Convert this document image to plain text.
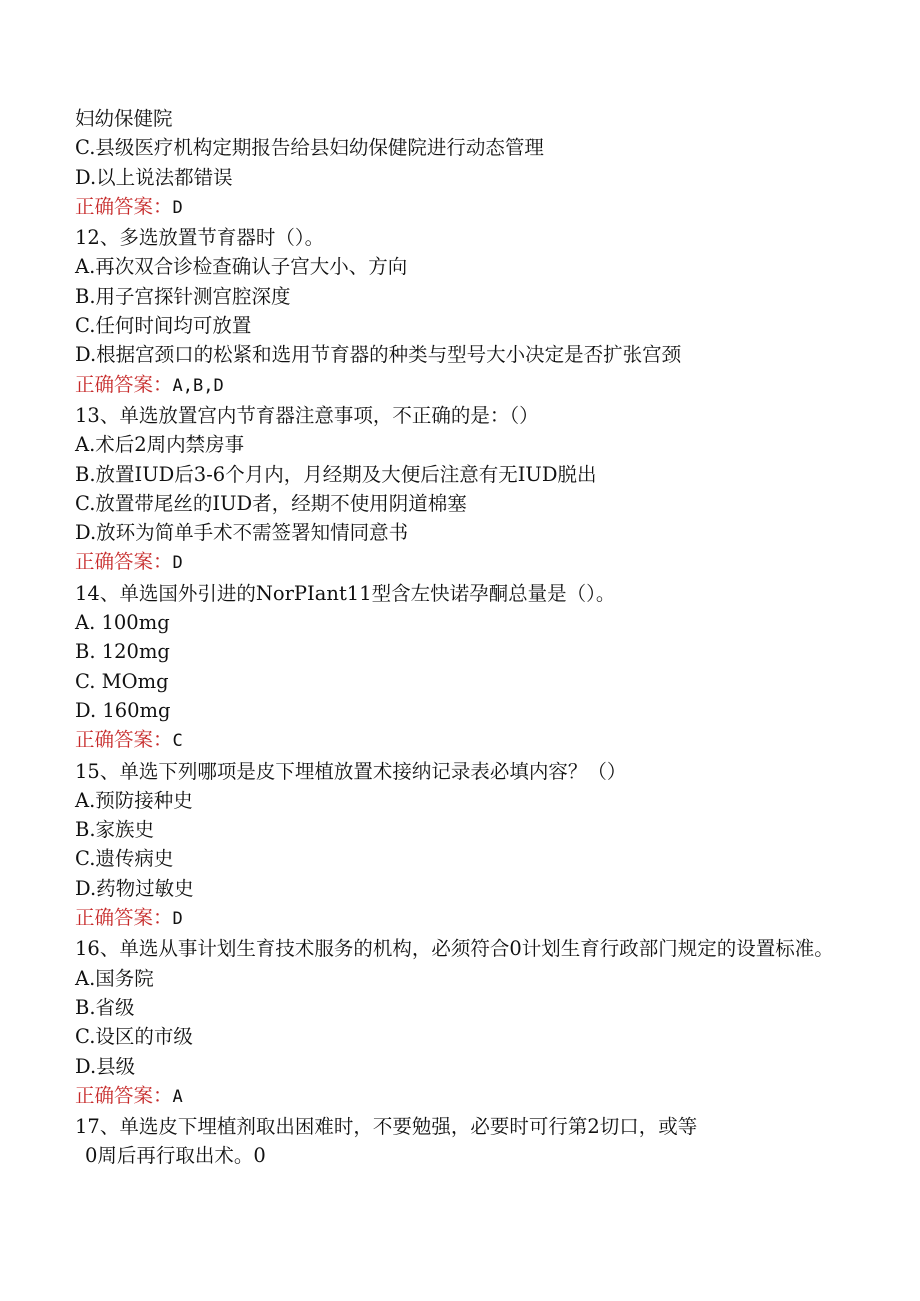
妇幼保健院
C.县级医疗机构定期报告给县妇幼保健院进行动态管理
D.以上说法都错误
正确答案：D
12、多选放置节育器时（）。
A.再次双合诊检查确认子宫大小、方向
B.用子宫探针测宫腔深度
C.任何时间均可放置
D.根据宫颈口的松紧和选用节育器的种类与型号大小决定是否扩张宫颈
正确答案：A,B,D
13、单选放置宫内节育器注意事项，不正确的是：（）
A.术后2周内禁房事
B.放置IUD后3-6个月内，月经期及大便后注意有无IUD脱出
C.放置带尾丝的IUD者，经期不使用阴道棉塞
D.放环为简单手术不需签署知情同意书
正确答案：D
14、单选国外引进的NorPIant11型含左快诺孕酮总量是（）。
A. 100mg
B. 120mg
C. MOmg
D. 160mg
正确答案：C
15、单选下列哪项是皮下埋植放置术接纳记录表必填内容？（）
A.预防接种史
B.家族史
C.遗传病史
D.药物过敏史
正确答案：D
16、单选从事计划生育技术服务的机构，必须符合0计划生育行政部门规定的设置标准。
A.国务院
B.省级
C.设区的市级
D.县级
正确答案：A
17、单选皮下埋植剂取出困难时，不要勉强，必要时可行第2切口，或等
0周后再行取出术。0
